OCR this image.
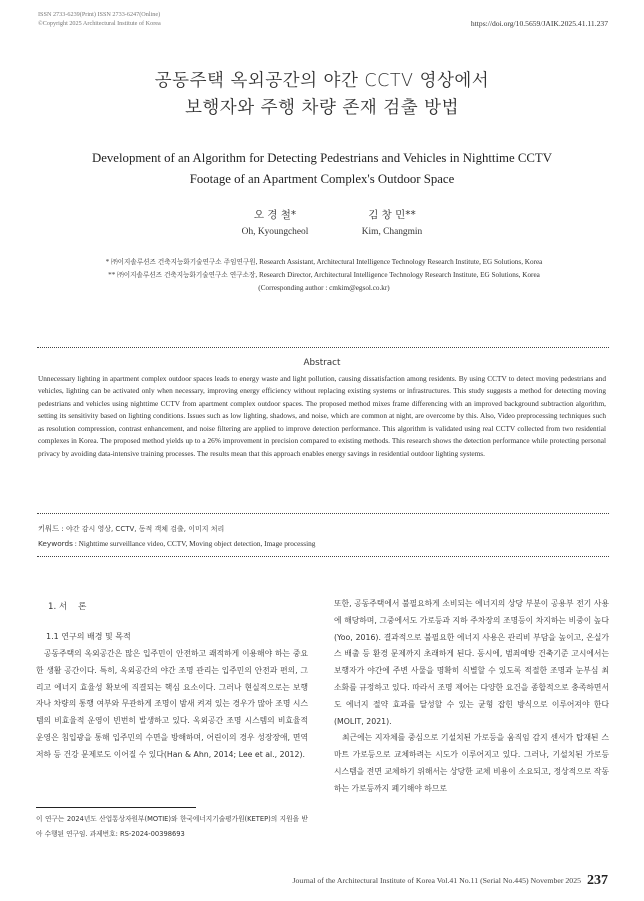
ISSN 2733-6239(Print) ISSN 2733-6247(Online)
©Copyright 2025 Architectural Institute of Korea	https://doi.org/10.5659/JAIK.2025.41.11.237
공동주택 옥외공간의 야간 CCTV 영상에서
보행자와 주행 차량 존재 검출 방법
Development of an Algorithm for Detecting Pedestrians and Vehicles in Nighttime CCTV
Footage of an Apartment Complex's Outdoor Space
오 경 철*	김 창 민**
Oh, Kyoungcheol	Kim, Changmin
* ㈜이지솔루션즈 건축지능화기술연구소 주임연구원, Research Assistant, Architectural Intelligence Technology Research Institute, EG Solutions, Korea
** ㈜이지솔루션즈 건축지능화기술연구소 연구소장, Research Director, Architectural Intelligence Technology Research Institute, EG Solutions, Korea
(Corresponding author : cmkim@egsol.co.kr)
Abstract
Unnecessary lighting in apartment complex outdoor spaces leads to energy waste and light pollution, causing dissatisfaction among residents. By using CCTV to detect moving pedestrians and vehicles, lighting can be activated only when necessary, improving energy efficiency without replacing existing systems or infrastructures. This study suggests a method for detecting moving pedestrians and vehicles using nighttime CCTV from apartment complex outdoor spaces. The proposed method mixes frame differencing with an improved background subtraction algorithm, setting its sensitivity based on lighting conditions. Issues such as low lighting, shadows, and noise, which are common at night, are overcome by this. Also, Video preprocessing techniques such as resolution compression, contrast enhancement, and noise filtering are applied to improve detection performance. This algorithm is validated using real CCTV collected from two residential complexes in Korea. The proposed method yields up to a 26% improvement in precision compared to existing methods. This research shows the detection performance while protecting personal privacy by avoiding data-intensive training processes. The results mean that this approach enables energy savings in residential outdoor lighting systems.
키워드 : 야간 감시 영상, CCTV, 동적 객체 검출, 이미지 처리
Keywords : Nighttime surveillance video, CCTV, Moving object detection, Image processing
1. 서    론
1.1 연구의 배경 및 목적

공동주택의 옥외공간은 많은 입주민이 안전하고 쾌적하게 이용해야 하는 중요한 생활 공간이다. 특히, 옥외공간의 야간 조명 관리는 입주민의 안전과 편의, 그리고 에너지 효율성 확보에 직결되는 핵심 요소이다. 그러나 현실적으로는 보행자나 차량의 통행 여부와 무관하게 조명이 밤새 켜져 있는 경우가 많아 조명 시스템의 비효율적 운영이 빈번히 발생하고 있다. 옥외공간 조명 시스템의 비효율적 운영은 침입광을 통해 입주민의 수면을 방해하며, 어린이의 경우 성장장애, 면역 저하 등 건강 문제로도 이어질 수 있다(Han & Ahn, 2014; Lee et al., 2012).

이 연구는 2024년도 산업통상자원부(MOTIE)와 한국에너지기술평가원(KETEP)의 지원을 받아 수행된 연구임. 과제번호: RS-2024-00398693

또한, 공동주택에서 불필요하게 소비되는 에너지의 상당 부분이 공용부 전기 사용에 해당하며, 그중에서도 가로등과 지하 주차장의 조명등이 차지하는 비중이 높다(Yoo, 2016). 결과적으로 불필요한 에너지 사용은 관리비 부담을 높이고, 온실가스 배출 등 환경 문제까지 초래하게 된다. 동시에, 범죄예방 건축기준 고시에서는 보행자가 야간에 주변 사물을 명확히 식별할 수 있도록 적절한 조명과 눈부심 최소화를 규정하고 있다. 따라서 조명 제어는 다양한 요건을 종합적으로 충족하면서도 에너지 절약 효과를 달성할 수 있는 균형 잡힌 방식으로 이루어져야 한다 (MOLIT, 2021).

최근에는 지자체를 중심으로 기설치된 가로등을 움직임 감지 센서가 탑재된 스마트 가로등으로 교체하려는 시도가 이루어지고 있다. 그러나, 기설치된 가로등 시스템을 전면 교체하기 위해서는 상당한 교체 비용이 소요되고, 정상적으로 작동하는 가로등까지 폐기해야 하므로

Journal of the Architectural Institute of Korea Vol.41 No.11 (Serial No.445) November 2025 237
